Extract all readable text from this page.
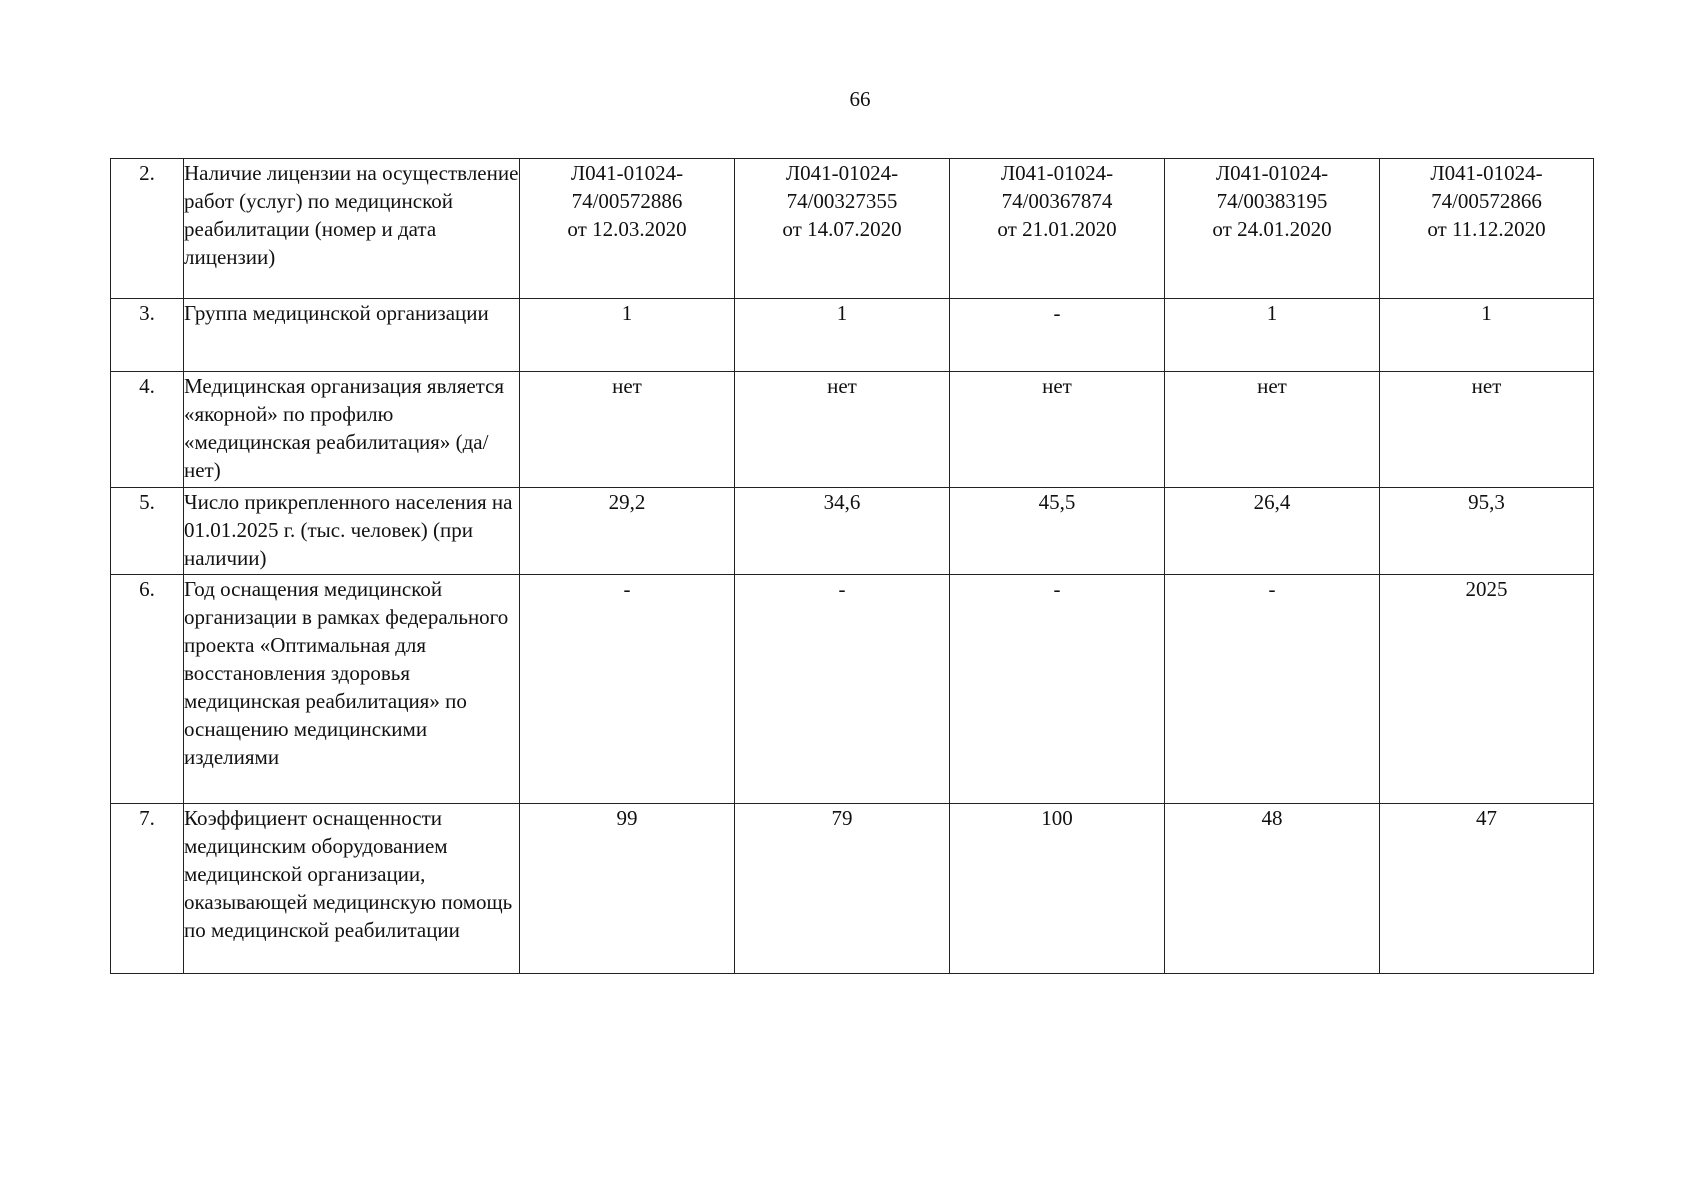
66
2.	Наличие лицензии на осуществление работ (услуг) по медицинской реабилитации (номер и дата лицензии)	Л041-01024-
74/00572886
от 12.03.2020	Л041-01024-
74/00327355
от 14.07.2020	Л041-01024-
74/00367874
от 21.01.2020	Л041-01024-
74/00383195
от 24.01.2020	Л041-01024-
74/00572866
от 11.12.2020

3.	Группа медицинской организации	1	1	-	1	1
4.	Медицинская организация является «якорной» по профилю «медицинская реабилитация» (да/нет)	нет	нет	нет	нет	нет
5.	Число прикрепленного населения на 01.01.2025 г. (тыс. человек) (при наличии)	29,2	34,6	45,5	26,4	95,3
6.	Год оснащения медицинской организации в рамках федерального проекта «Оптимальная для восстановления здоровья медицинская реабилитация» по оснащению медицинскими изделиями	-	-	-	-	2025
7.	Коэффициент оснащенности медицинским оборудованием медицинской организации, оказывающей медицинскую помощь по медицинской реабилитации	99	79	100	48	47
